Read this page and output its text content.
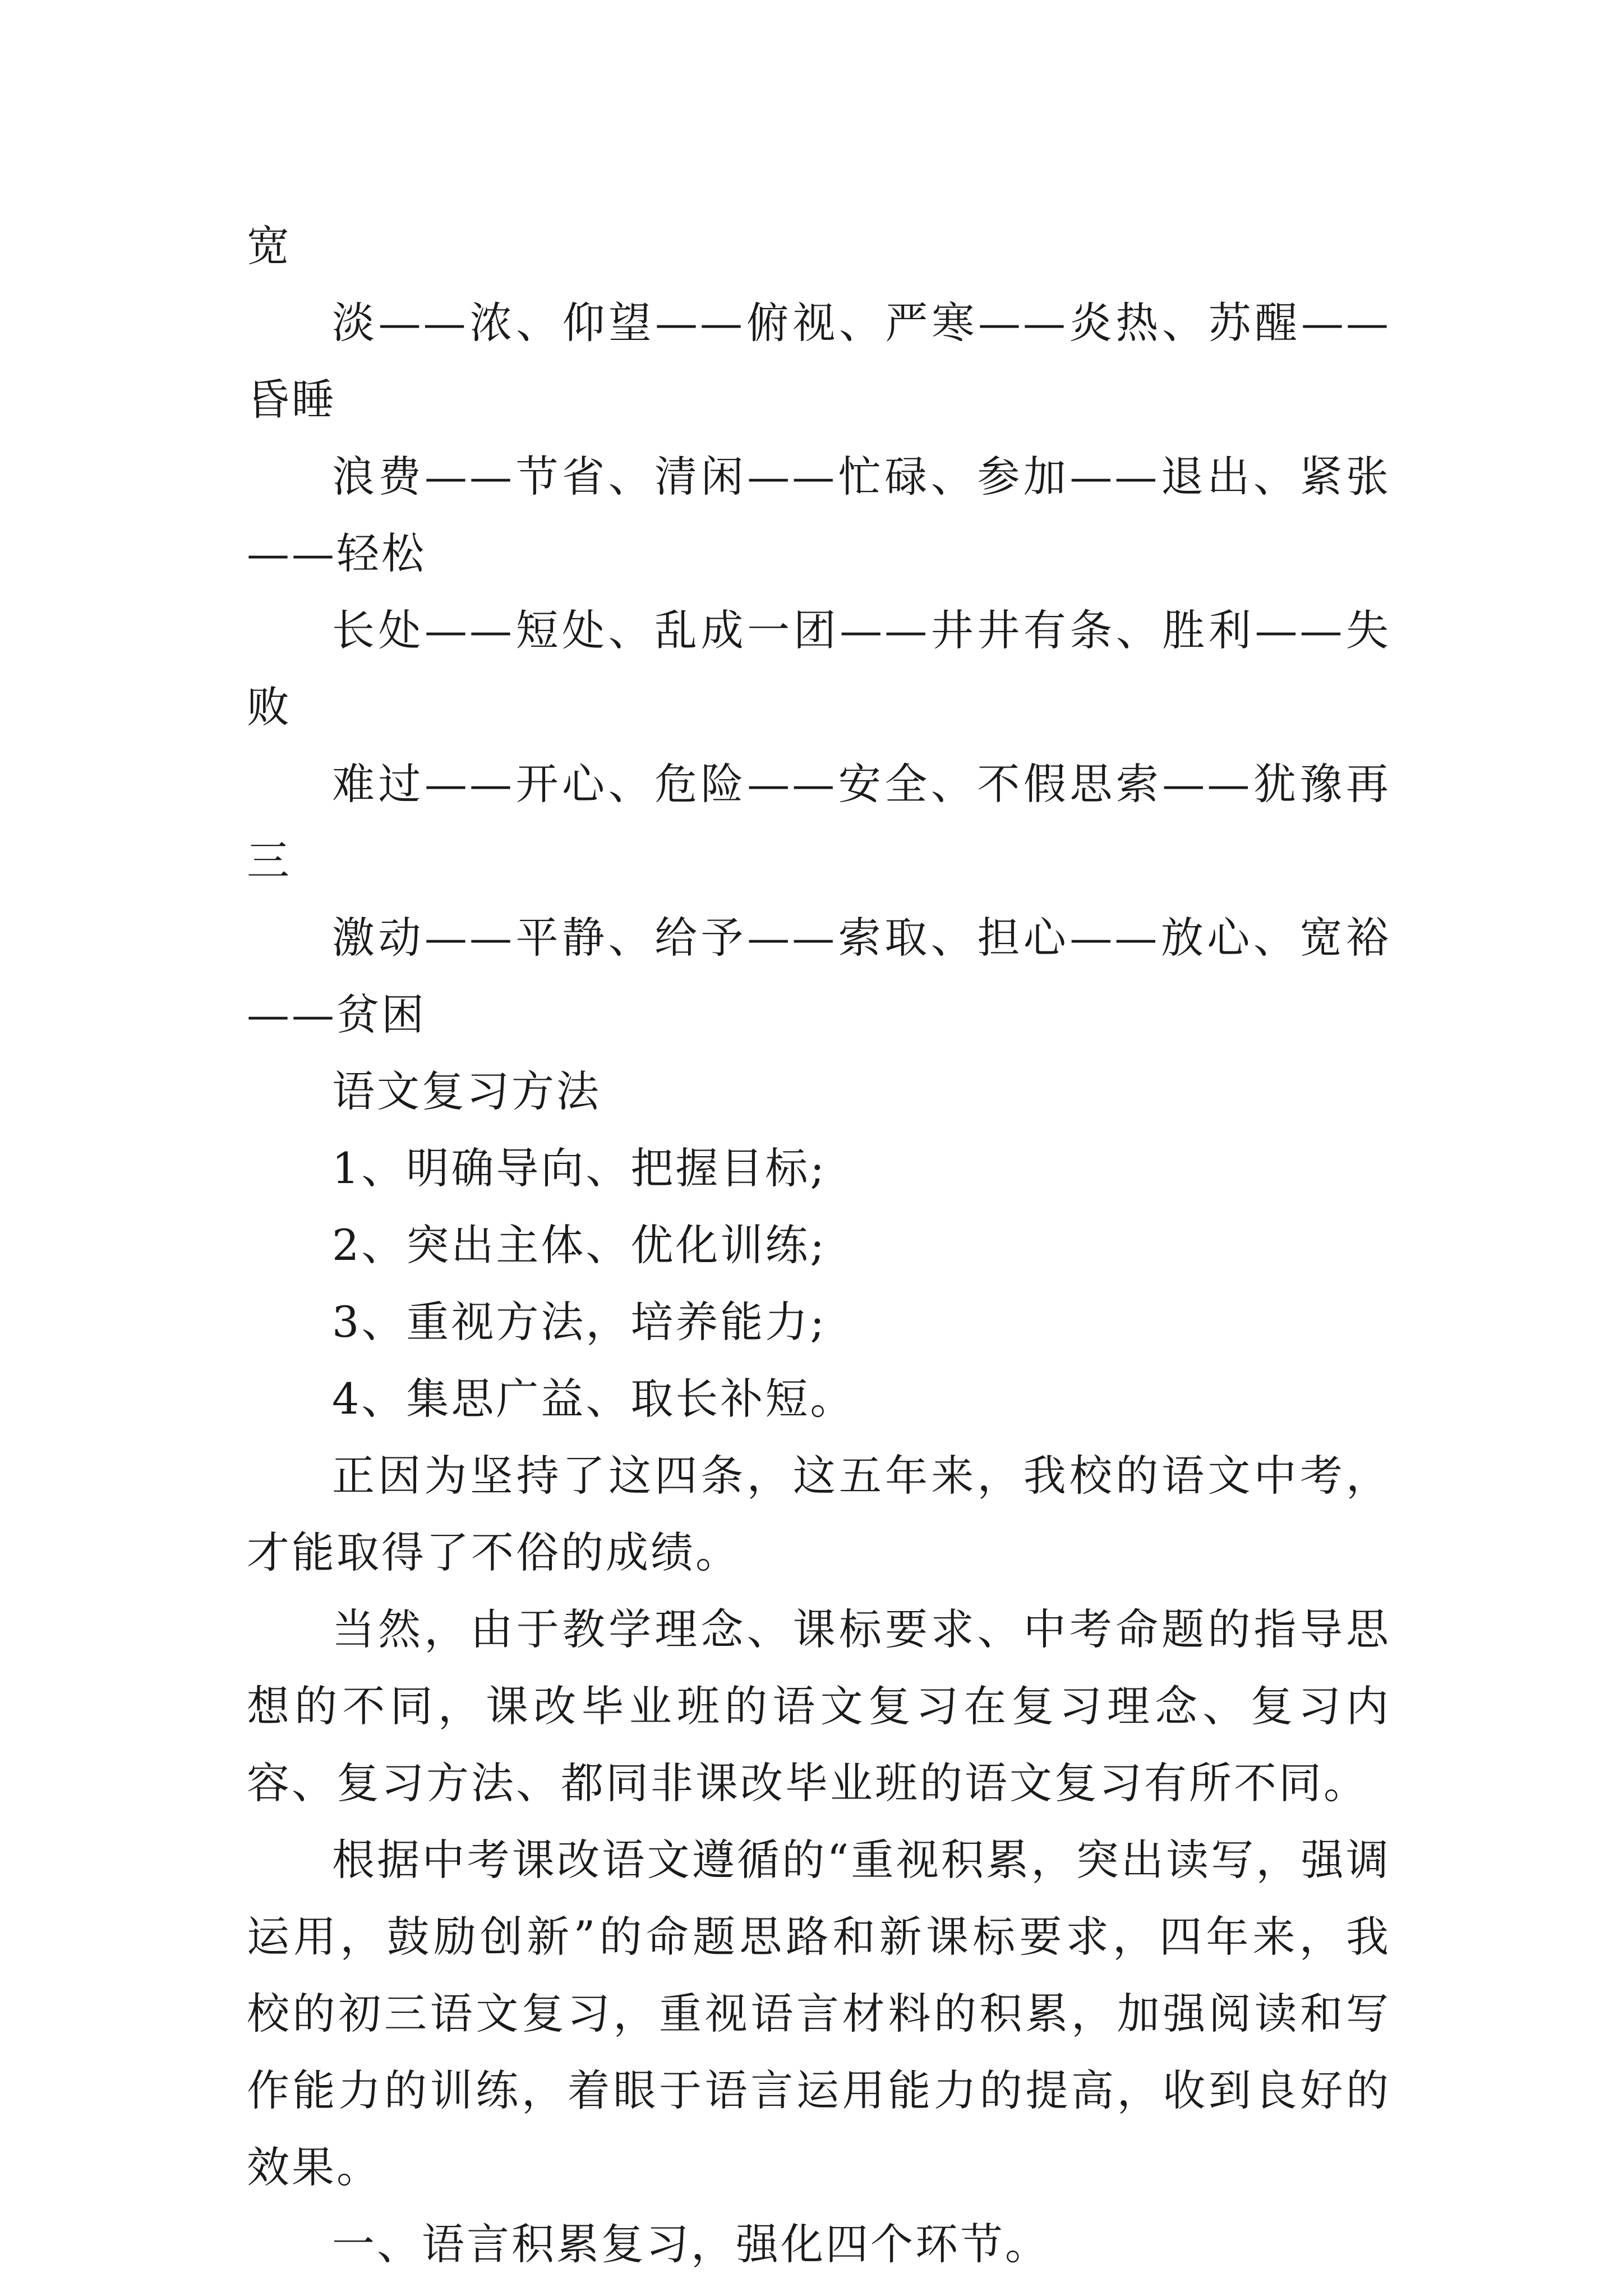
宽

淡——浓、仰望——俯视、严寒——炎热、苏醒——昏睡

浪费——节省、清闲——忙碌、参加——退出、紧张——轻松

长处——短处、乱成一团——井井有条、胜利——失败

难过——开心、危险——安全、不假思索——犹豫再三

激动——平静、给予——索取、担心——放心、宽裕——贫困

语文复习方法

1、明确导向、把握目标;

2、突出主体、优化训练;

3、重视方法，培养能力;

4、集思广益、取长补短。

正因为坚持了这四条，这五年来，我校的语文中考，才能取得了不俗的成绩。

当然，由于教学理念、课标要求、中考命题的指导思想的不同，课改毕业班的语文复习在复习理念、复习内容、复习方法、都同非课改毕业班的语文复习有所不同。

根据中考课改语文遵循的“重视积累，突出读写，强调运用，鼓励创新”的命题思路和新课标要求，四年来，我校的初三语文复习，重视语言材料的积累，加强阅读和写作能力的训练，着眼于语言运用能力的提高，收到良好的效果。

一、语言积累复习，强化四个环节。
